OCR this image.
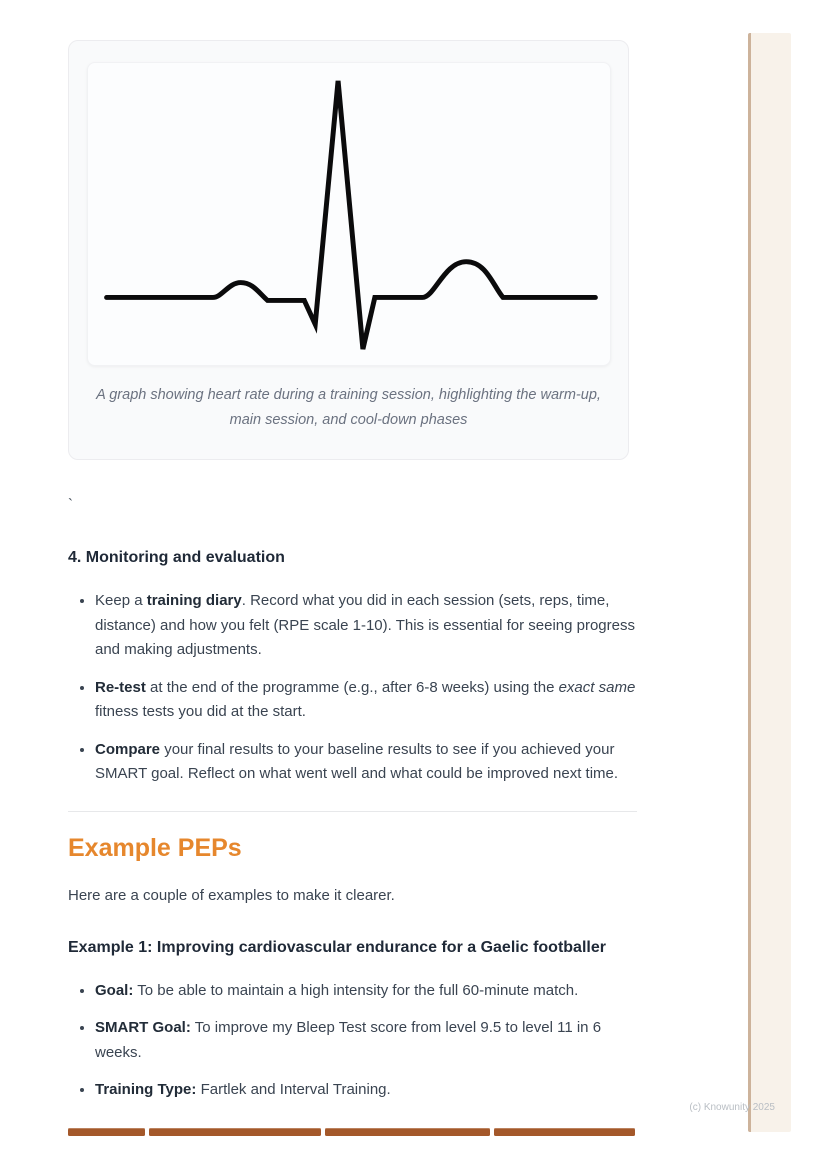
A graph showing heart rate during a training session, highlighting the warm-up, main session, and cool-down phases

`

4. Monitoring and evaluation
• Keep a training diary. Record what you did in each session (sets, reps, time, distance) and how you felt (RPE scale 1-10). This is essential for seeing progress and making adjustments.
• Re-test at the end of the programme (e.g., after 6-8 weeks) using the exact same fitness tests you did at the start.
• Compare your final results to your baseline results to see if you achieved your SMART goal. Reflect on what went well and what could be improved next time.
Example PEPs

Here are a couple of examples to make it clearer.

Example 1: Improving cardiovascular endurance for a Gaelic footballer
• Goal: To be able to maintain a high intensity for the full 60-minute match.
• SMART Goal: To improve my Bleep Test score from level 9.5 to level 11 in 6 weeks.
• Training Type: Fartlek and Interval Training.
(c) Knowunity 2025
